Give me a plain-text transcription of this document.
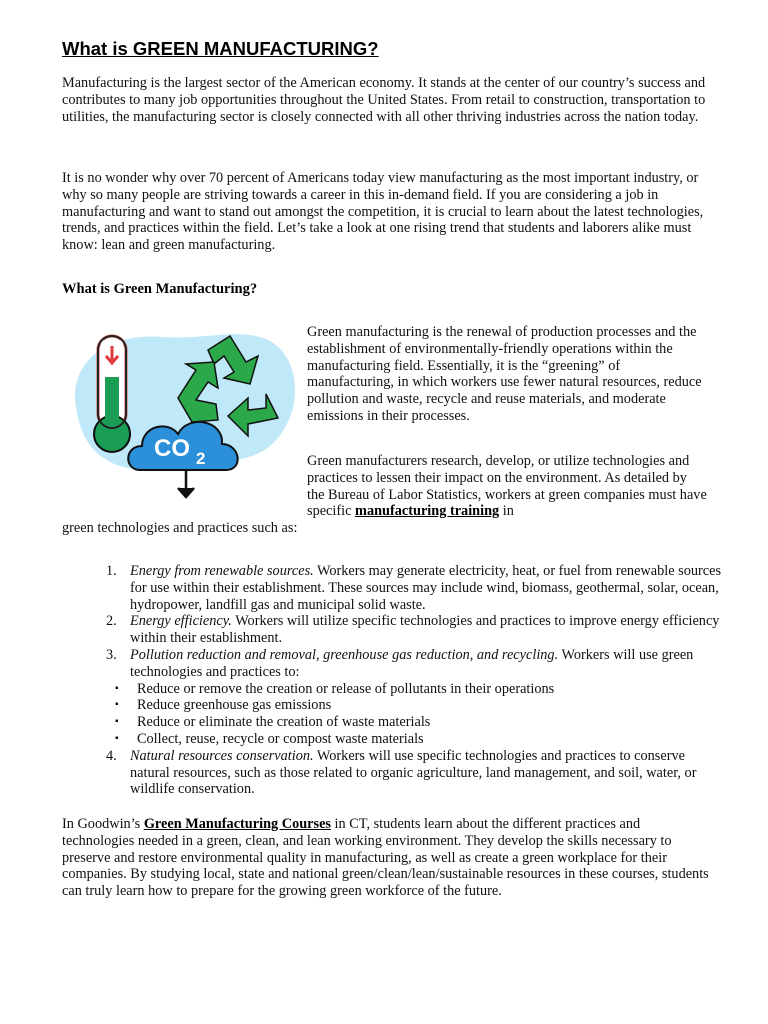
What is GREEN MANUFACTURING?

Manufacturing is the largest sector of the American economy. It stands at the center of our country’s success and contributes to many job opportunities throughout the United States. From retail to construction, transportation to utilities, the manufacturing sector is closely connected with all other thriving industries across the nation today.

It is no wonder why over 70 percent of Americans today view manufacturing as the most important industry, or why so many people are striving towards a career in this in-demand field. If you are considering a job in manufacturing and want to stand out amongst the competition, it is crucial to learn about the latest technologies, trends, and practices within the field. Let’s take a look at one rising trend that students and laborers alike must know: lean and green manufacturing.

What is Green Manufacturing?
CO 2

Green manufacturing is the renewal of production processes and the establishment of environmentally-friendly operations within the manufacturing field. Essentially, it is the “greening” of manufacturing, in which workers use fewer natural resources, reduce pollution and waste, recycle and reuse materials, and moderate emissions in their processes.

Green manufacturers research, develop, or utilize technologies and practices to lessen their impact on the environment. As detailed by the Bureau of Labor Statistics, workers at green companies must have specific manufacturing training in

green technologies and practices such as:

1. Energy from renewable sources. Workers may generate electricity, heat, or fuel from renewable sources for use within their establishment. These sources may include wind, biomass, geothermal, solar, ocean, hydropower, landfill gas and municipal solid waste.
2. Energy efficiency. Workers will utilize specific technologies and practices to improve energy efficiency within their establishment.
3. Pollution reduction and removal, greenhouse gas reduction, and recycling. Workers will use green technologies and practices to:
▪ Reduce or remove the creation or release of pollutants in their operations
▪ Reduce greenhouse gas emissions
▪ Reduce or eliminate the creation of waste materials
▪ Collect, reuse, recycle or compost waste materials
4. Natural resources conservation. Workers will use specific technologies and practices to conserve natural resources, such as those related to organic agriculture, land management, and soil, water, or wildlife conservation.

In Goodwin’s Green Manufacturing Courses in CT, students learn about the different practices and technologies needed in a green, clean, and lean working environment. They develop the skills necessary to preserve and restore environmental quality in manufacturing, as well as create a green workplace for their companies. By studying local, state and national green/clean/lean/sustainable resources in these courses, students can truly learn how to prepare for the growing green workforce of the future.
